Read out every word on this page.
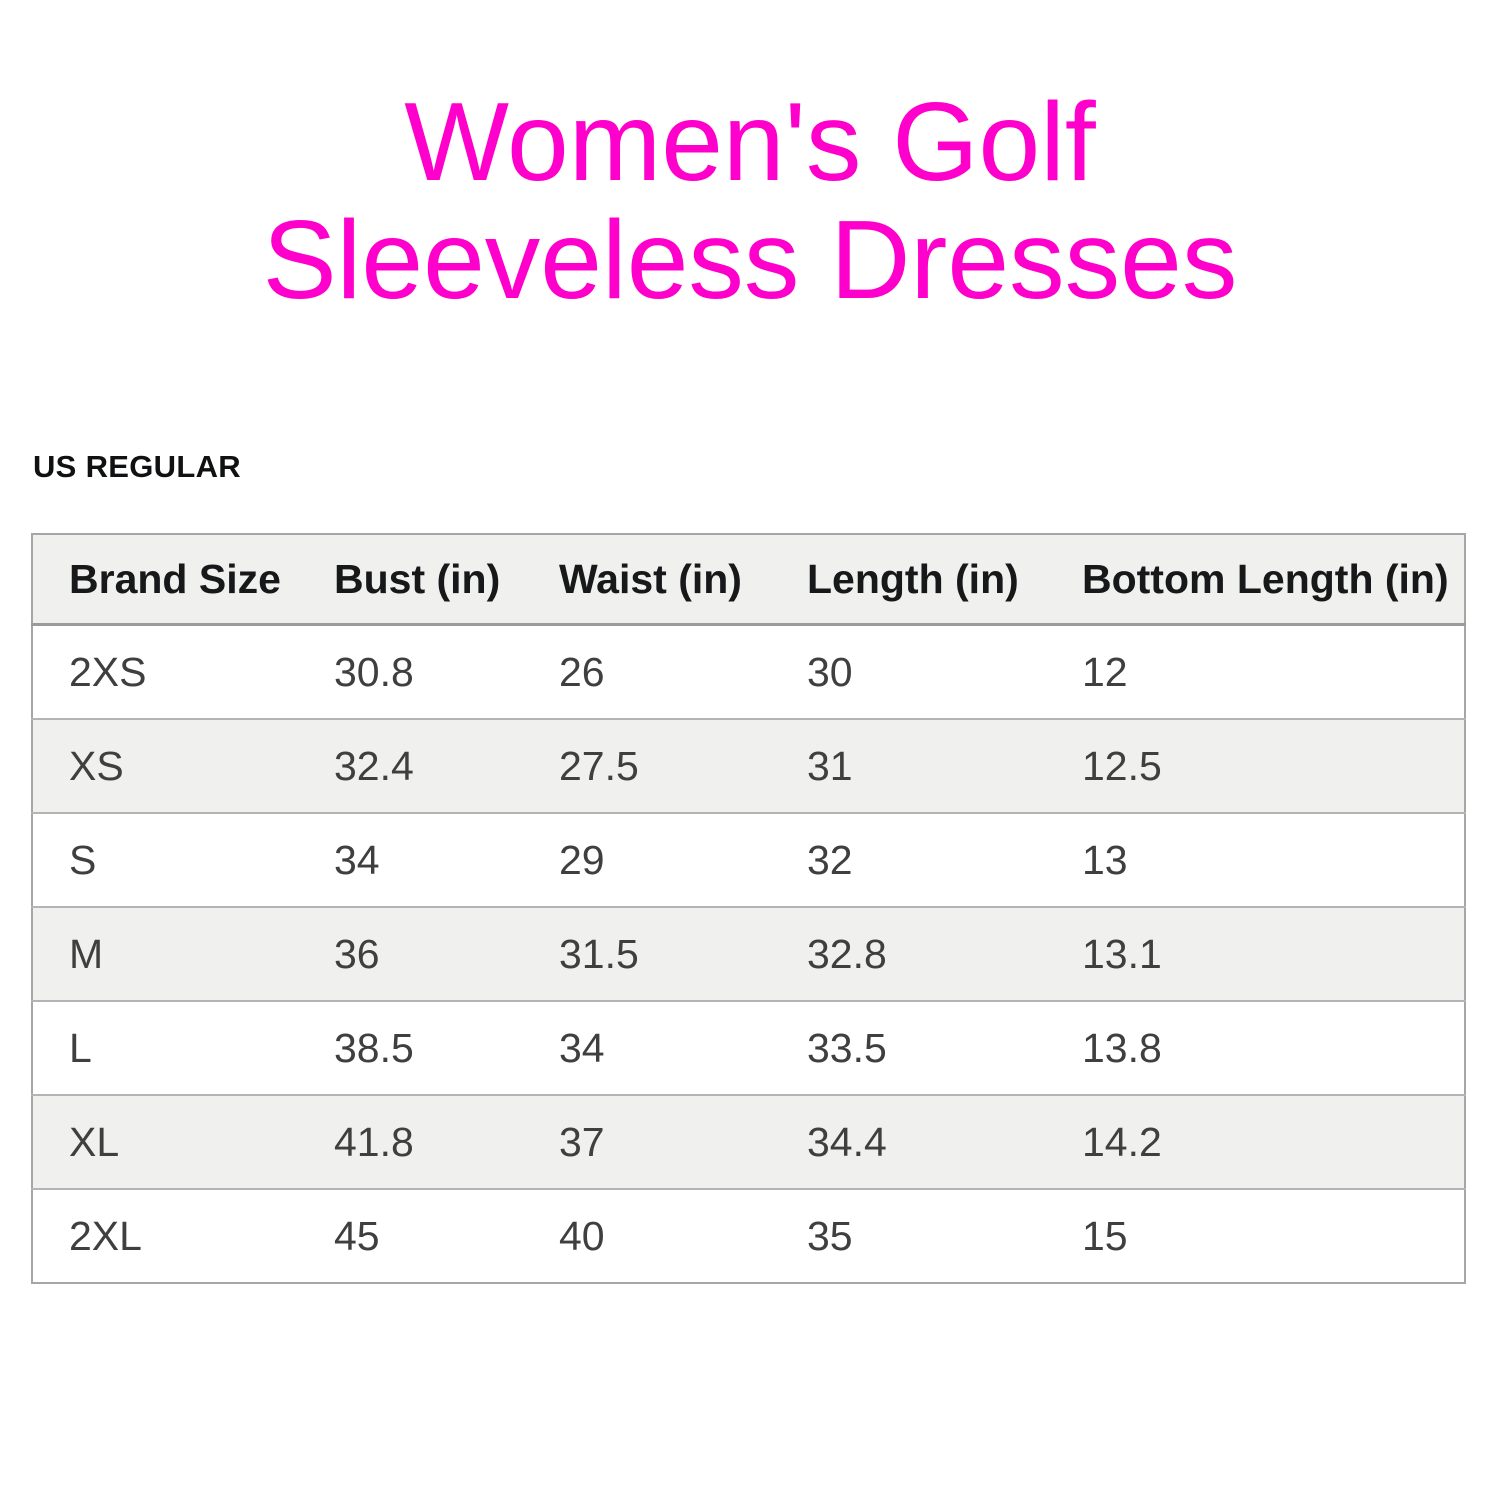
Women's Golf
Sleeveless Dresses
US REGULAR
Brand Size	Bust (in)	Waist (in)	Length (in)	Bottom Length (in)
2XS	30.8	26	30	12
XS	32.4	27.5	31	12.5
S	34	29	32	13
M	36	31.5	32.8	13.1
L	38.5	34	33.5	13.8
XL	41.8	37	34.4	14.2
2XL	45	40	35	15
